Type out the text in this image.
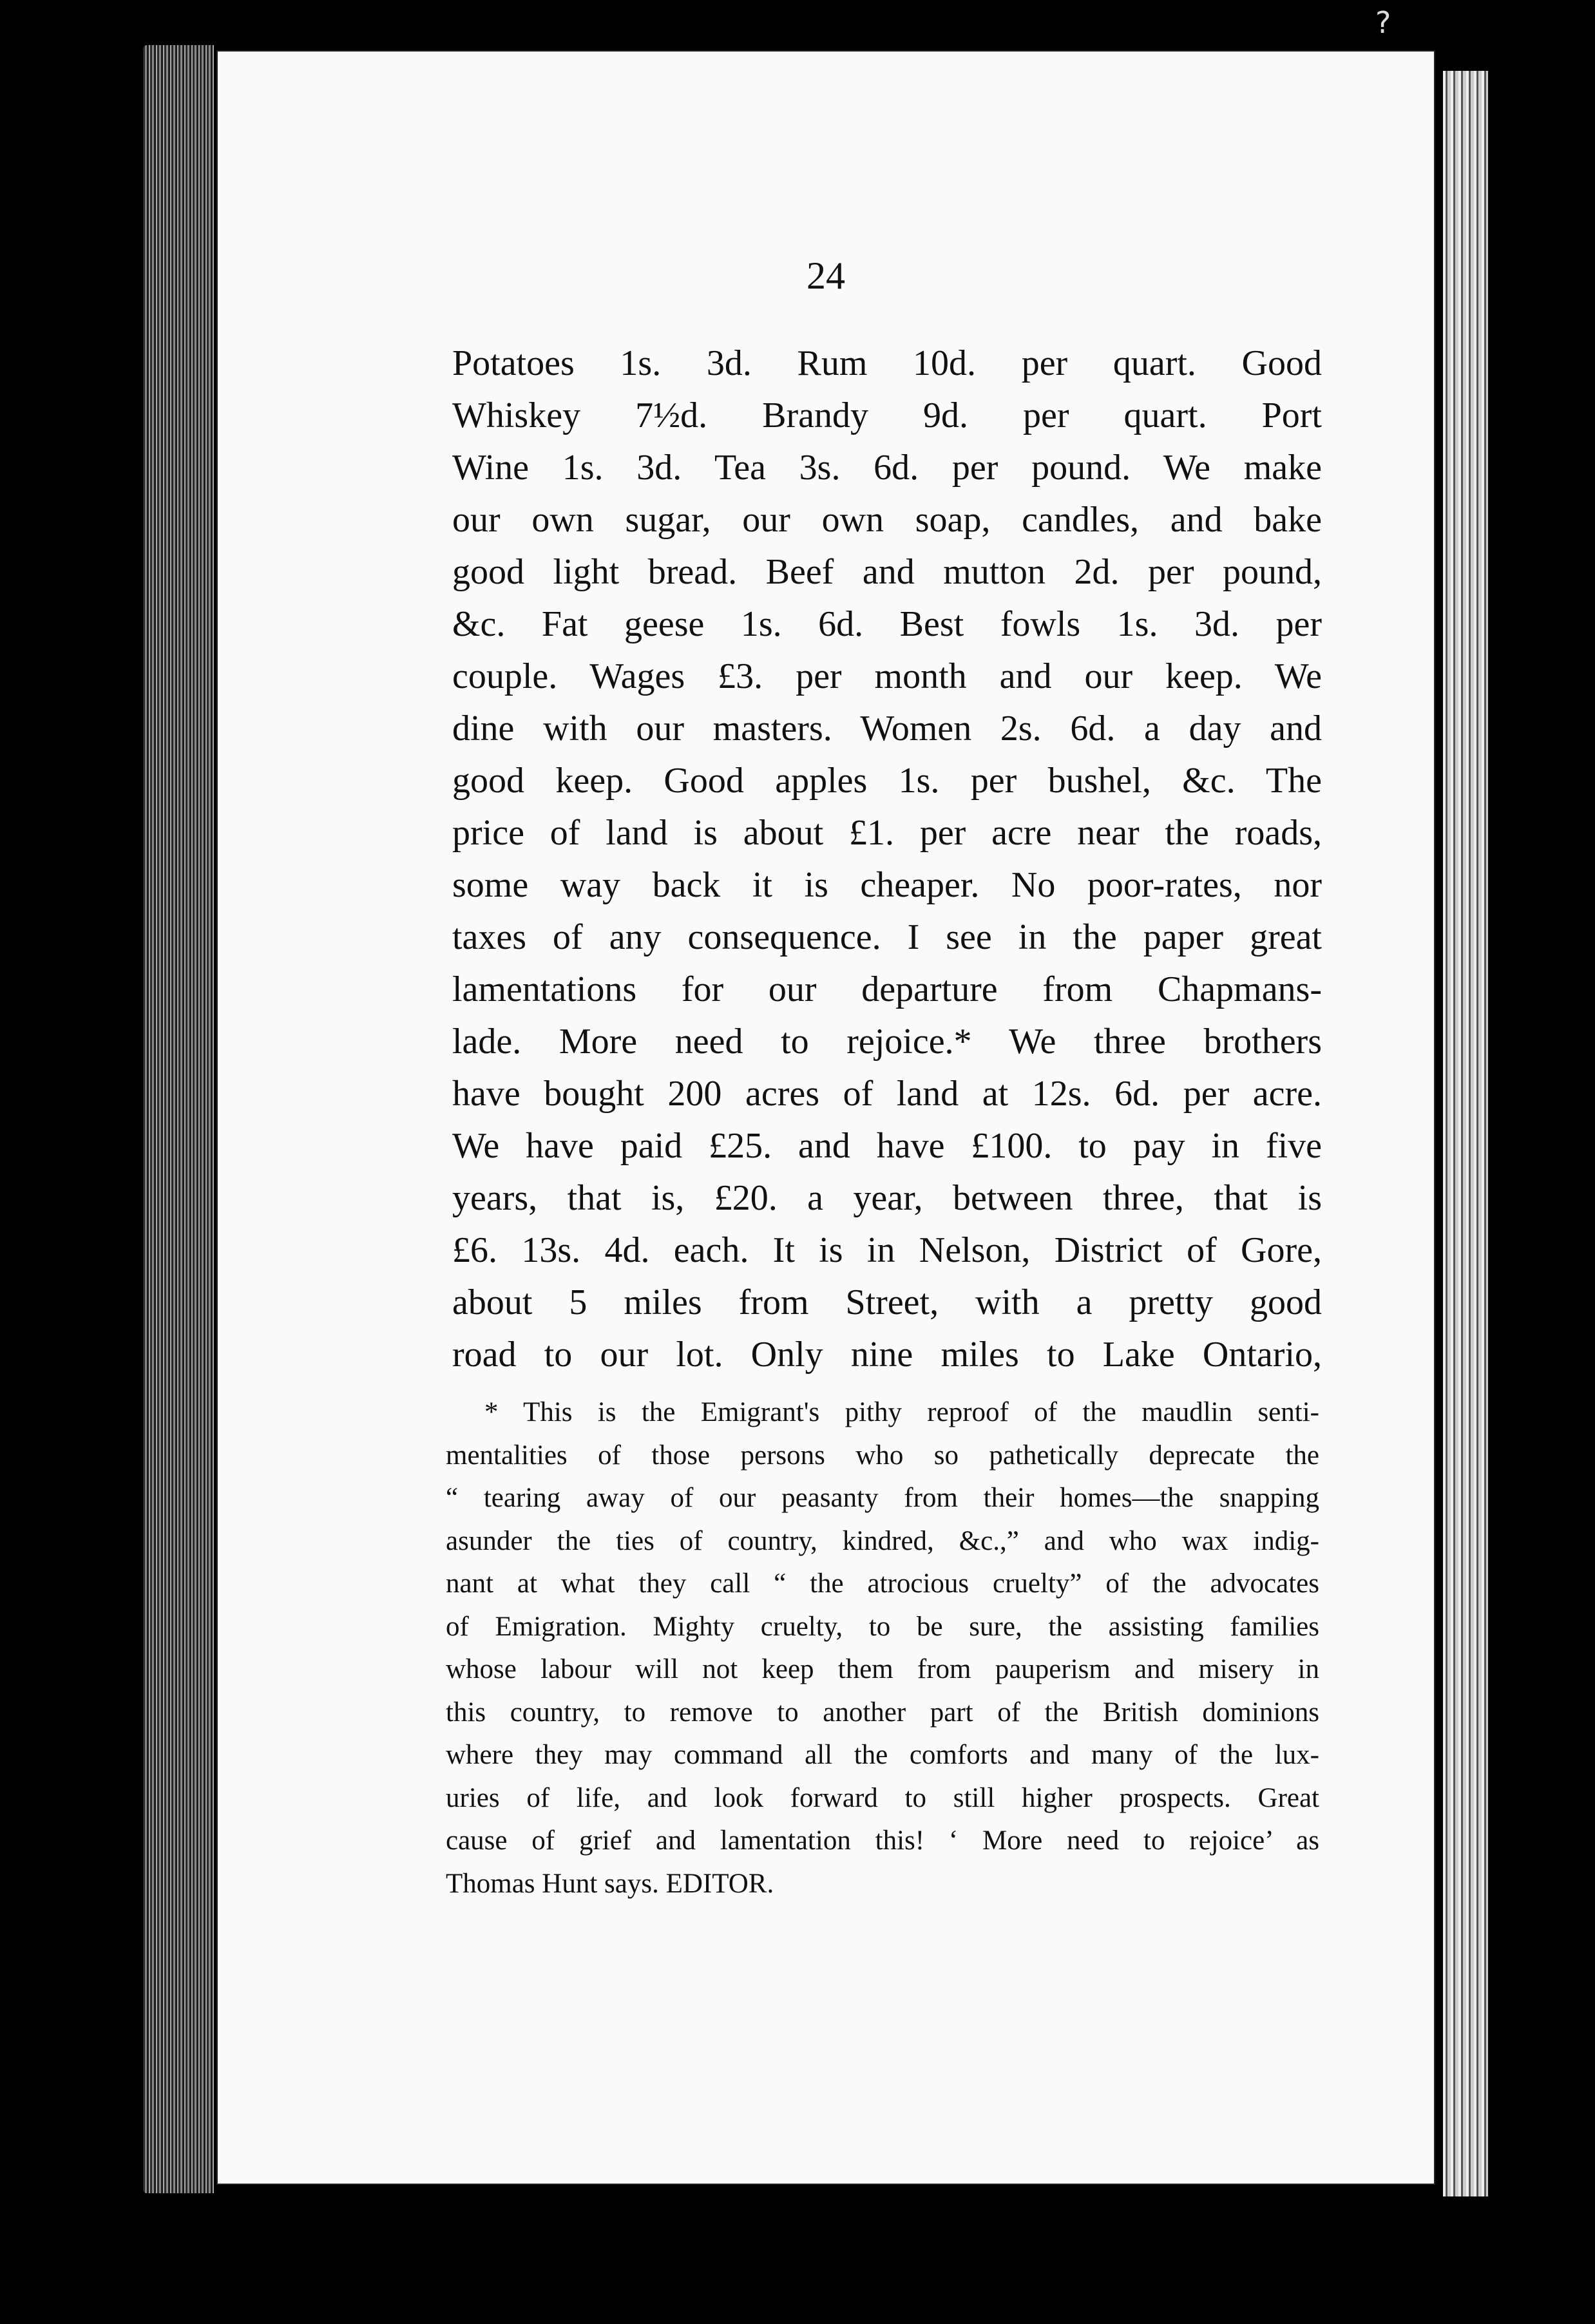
?
24
Potatoes 1s. 3d. Rum 10d. per quart. Good
Whiskey 7½d. Brandy 9d. per quart. Port
Wine 1s. 3d. Tea 3s. 6d. per pound. We make
our own sugar, our own soap, candles, and bake
good light bread. Beef and mutton 2d. per pound,
&c. Fat geese 1s. 6d. Best fowls 1s. 3d. per
couple. Wages £3. per month and our keep. We
dine with our masters. Women 2s. 6d. a day and
good keep. Good apples 1s. per bushel, &c. The
price of land is about £1. per acre near the roads,
some way back it is cheaper. No poor-rates, nor
taxes of any consequence. I see in the paper great
lamentations for our departure from Chapmans-
lade. More need to rejoice.* We three brothers
have bought 200 acres of land at 12s. 6d. per acre.
We have paid £25. and have £100. to pay in five
years, that is, £20. a year, between three, that is
£6. 13s. 4d. each. It is in Nelson, District of Gore,
about 5 miles from Street, with a pretty good
road to our lot. Only nine miles to Lake Ontario,
* This is the Emigrant's pithy reproof of the maudlin senti-
mentalities of those persons who so pathetically deprecate the
“ tearing away of our peasanty from their homes—the snapping
asunder the ties of country, kindred, &c.,” and who wax indig-
nant at what they call “ the atrocious cruelty” of the advocates
of Emigration. Mighty cruelty, to be sure, the assisting families
whose labour will not keep them from pauperism and misery in
this country, to remove to another part of the British dominions
where they may command all the comforts and many of the lux-
uries of life, and look forward to still higher prospects. Great
cause of grief and lamentation this! ‘ More need to rejoice’ as
Thomas Hunt says. EDITOR.
